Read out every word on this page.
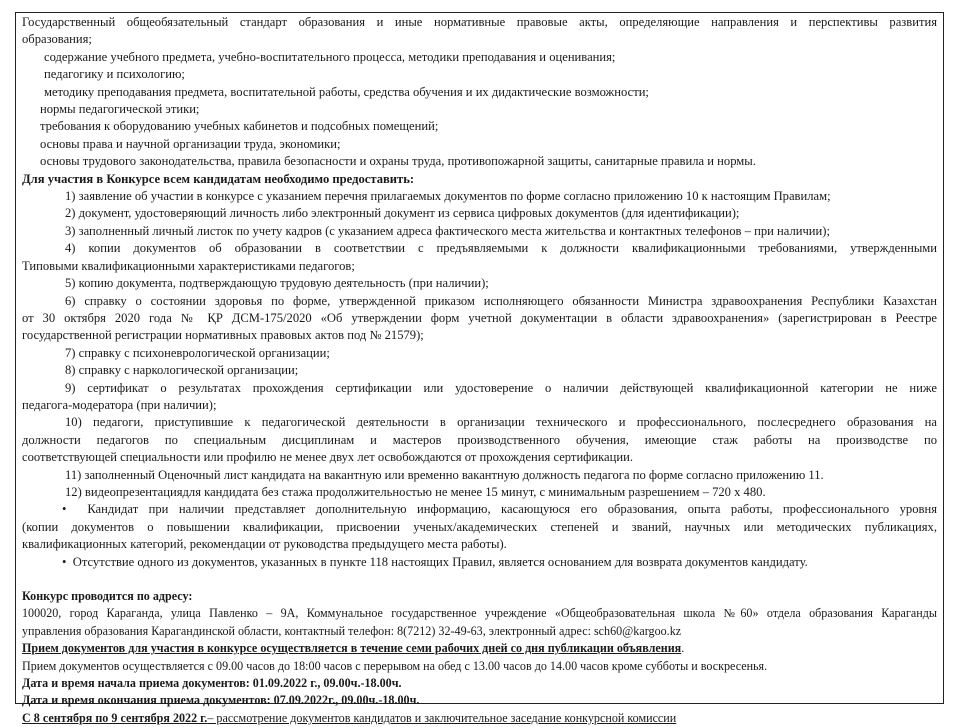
Государственный общеобязательный стандарт образования и иные нормативные правовые акты, определяющие направления и перспективы развития

образования;

содержание учебного предмета, учебно-воспитательного процесса, методики преподавания и оценивания;

педагогику и психологию;

методику преподавания предмета, воспитательной работы, средства обучения и их дидактические возможности;

нормы педагогической этики;

требования к оборудованию учебных кабинетов и подсобных помещений;

основы права и научной организации труда, экономики;

основы трудового законодательства, правила безопасности и охраны труда, противопожарной защиты, санитарные правила и нормы.

Для участия в Конкурсе всем кандидатам необходимо предоставить:

1) заявление об участии в конкурсе с указанием перечня прилагаемых документов по форме согласно приложению 10 к настоящим Правилам;

2) документ, удостоверяющий личность либо электронный документ из сервиса цифровых документов (для идентификации);

3) заполненный личный листок по учету кадров (с указанием адреса фактического места жительства и контактных телефонов – при наличии);

4) копии документов об образовании в соответствии с предъявляемыми к должности квалификационными требованиями, утвержденными

Типовыми квалификационными характеристиками педагогов;

5) копию документа, подтверждающую трудовую деятельность (при наличии);

6) справку о состоянии здоровья по форме, утвержденной приказом исполняющего обязанности Министра здравоохранения Республики Казахстан

от 30 октября 2020 года № ҚР ДСМ-175/2020 «Об утверждении форм учетной документации в области здравоохранения» (зарегистрирован в Реестре

государственной регистрации нормативных правовых актов под № 21579);

7) справку с психоневрологической организации;

8) справку с наркологической организации;

9) сертификат о результатах прохождения сертификации или удостоверение о наличии действующей квалификационной категории не ниже

педагога-модератора (при наличии);

10) педагоги, приступившие к педагогической деятельности в организации технического и профессионального, послесреднего образования на

должности педагогов по специальным дисциплинам и мастеров производственного обучения, имеющие стаж работы на производстве по

соответствующей специальности или профилю не менее двух лет освобождаются от прохождения сертификации.

11) заполненный Оценочный лист кандидата на вакантную или временно вакантную должность педагога по форме согласно приложению 11.

12) видеопрезентациядля кандидата без стажа продолжительностью не менее 15 минут, с минимальным разрешением – 720 х 480.

•  Кандидат при наличии представляет дополнительную информацию, касающуюся его образования, опыта работы, профессионального уровня

(копии документов о повышении квалификации, присвоении ученых/академических степеней и званий, научных или методических публикациях,

квалификационных категорий, рекомендации от руководства предыдущего места работы).

•  Отсутствие одного из документов, указанных в пункте 118 настоящих Правил, является основанием для возврата документов кандидату.

Конкурс проводится по адресу:

100020, город Караганда, улица Павленко – 9А, Коммунальное государственное учреждение «Общеобразовательная школа №60» отдела образования Караганды

управления образования Карагандинской области, контактный телефон: 8(7212) 32-49-63, электронный адрес: sch60@kargoo.kz

Прием документов для участия в конкурсе осуществляется в течение семи рабочих дней со дня публикации объявления.

Прием документов осуществляется с 09.00 часов до 18:00 часов с перерывом на обед с 13.00 часов до 14.00 часов кроме субботы и воскресенья.

Дата и время начала приема документов: 01.09.2022 г., 09.00ч.-18.00ч.

Дата и время окончания приема документов: 07.09.2022г., 09.00ч.-18.00ч.

С 8 сентября по 9 сентября 2022 г.– рассмотрение документов кандидатов и заключительное заседание конкурсной комиссии
